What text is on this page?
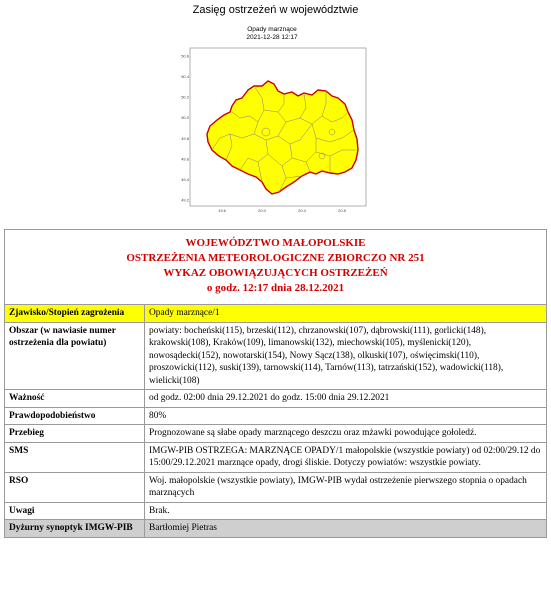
Zasięg ostrzeżeń w województwie
Opady marznące
2021-12-28 12:17
50.6
50.4
50.2
50.0
49.8
49.6
49.4
49.2
19.6	20.0	20.4	20.8
WOJEWÓDZTWO MAŁOPOLSKIE
OSTRZEŻENIA METEOROLOGICZNE ZBIORCZO NR 251
WYKAZ OBOWIĄZUJĄCYCH OSTRZEŻEŃ
o godz. 12:17 dnia 28.12.2021	

Zjawisko/Stopień zagrożenia	Opady marznące/1
Obszar (w nawiasie numer ostrzeżenia dla powiatu)	powiaty: bocheński(115), brzeski(112), chrzanowski(107), dąbrowski(111), gorlicki(148), krakowski(108), Kraków(109), limanowski(132), miechowski(105), myślenicki(120), nowosądecki(152), nowotarski(154), Nowy Sącz(138), olkuski(107), oświęcimski(110), proszowicki(112), suski(139), tarnowski(114), Tarnów(113), tatrzański(152), wadowicki(118), wielicki(108)
Ważność	od godz. 02:00 dnia 29.12.2021 do godz. 15:00 dnia 29.12.2021
Prawdopodobieństwo	80%
Przebieg	Prognozowane są słabe opady marznącego deszczu oraz mżawki powodujące gołoledź.
SMS	IMGW-PIB OSTRZEGA: MARZNĄCE OPADY/1 małopolskie (wszystkie powiaty) od 02:00/29.12 do 15:00/29.12.2021 marznące opady, drogi śliskie. Dotyczy powiatów: wszystkie powiaty.
RSO	Woj. małopolskie (wszystkie powiaty), IMGW-PIB wydał ostrzeżenie pierwszego stopnia o opadach marznących
Uwagi	Brak.
Dyżurny synoptyk IMGW-PIB	Bartłomiej Pietras
